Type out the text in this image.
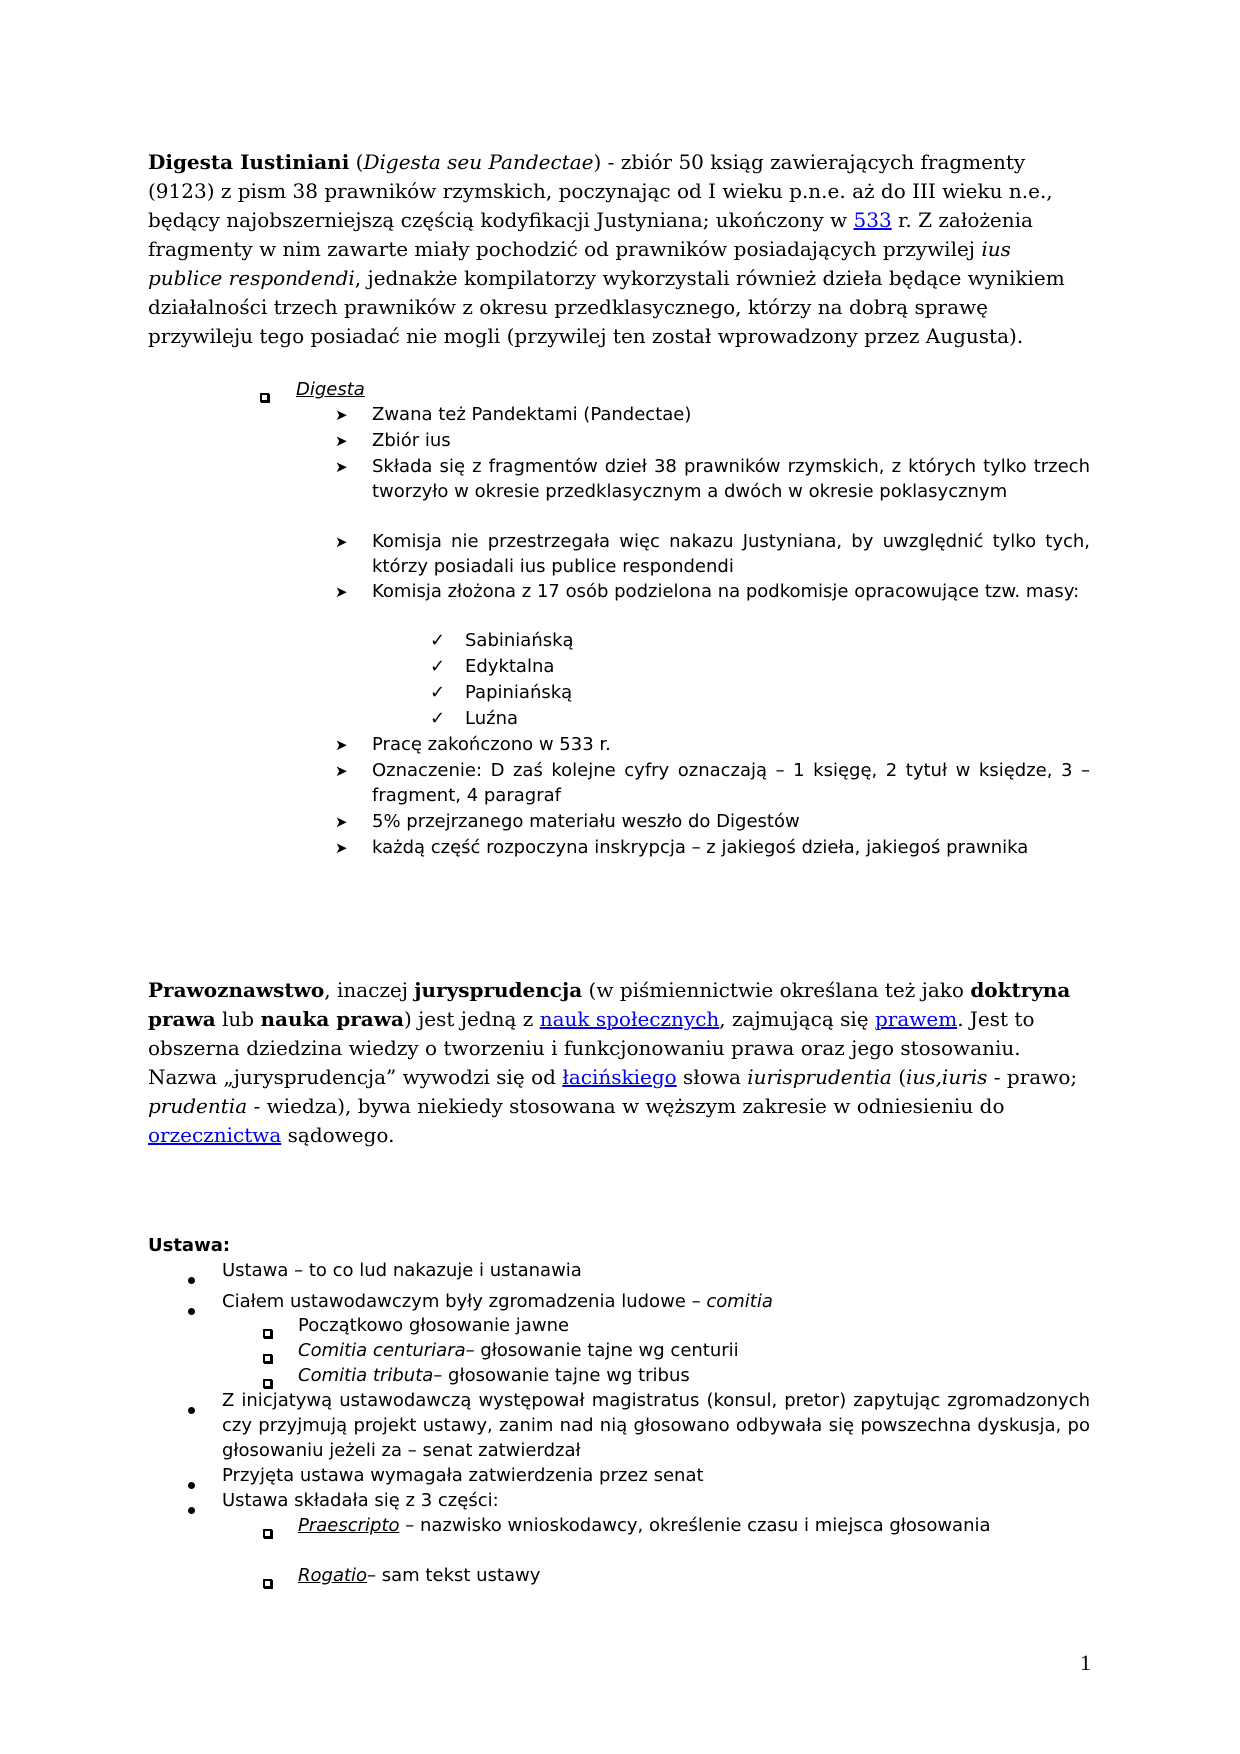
Digesta Iustiniani (Digesta seu Pandectae) - zbiór 50 ksiąg zawierających fragmenty (9123) z pism 38 prawników rzymskich, poczynając od I wieku p.n.e. aż do III wieku n.e., będący najobszerniejszą częścią kodyfikacji Justyniana; ukończony w 533 r. Z założenia fragmenty w nim zawarte miały pochodzić od prawników posiadających przywilej ius publice respondendi, jednakże kompilatorzy wykorzystali również dzieła będące wynikiem działalności trzech prawników z okresu przedklasycznego, którzy na dobrą sprawę przywileju tego posiadać nie mogli (przywilej ten został wprowadzony przez Augusta).
Digesta
➤ Zwana też Pandektami (Pandectae)
➤ Zbiór ius
➤ Składa się z fragmentów dzieł 38 prawników rzymskich, z których tylko trzech tworzyło w okresie przedklasycznym a dwóch w okresie poklasycznym
➤ Komisja nie przestrzegała więc nakazu Justyniana, by uwzględnić tylko tych, którzy posiadali ius publice respondendi
➤ Komisja złożona z 17 osób podzielona na podkomisje opracowujące tzw. masy:
✓ Sabiniańską
✓ Edyktalna
✓ Papiniańską
✓ Luźna
➤ Pracę zakończono w 533 r.
➤ Oznaczenie: D zaś kolejne cyfry oznaczają – 1 księgę, 2 tytuł w księdze, 3 – fragment, 4 paragraf
➤ 5% przejrzanego materiału weszło do Digestów
➤ każdą część rozpoczyna inskrypcja – z jakiegoś dzieła, jakiegoś prawnika
Prawoznawstwo, inaczej jurysprudencja (w piśmiennictwie określana też jako doktryna prawa lub nauka prawa) jest jedną z nauk społecznych, zajmującą się prawem. Jest to obszerna dziedzina wiedzy o tworzeniu i funkcjonowaniu prawa oraz jego stosowaniu. Nazwa „jurysprudencja” wywodzi się od łacińskiego słowa iurisprudentia (ius,iuris - prawo; prudentia - wiedza), bywa niekiedy stosowana w węższym zakresie w odniesieniu do orzecznictwa sądowego.
Ustawa:
Ustawa – to co lud nakazuje i ustanawia
Ciałem ustawodawczym były zgromadzenia ludowe –
comitia
Początkowo głosowanie jawne
Comitia centuriara – głosowanie tajne wg centurii
Comitia tributa – głosowanie tajne wg tribus
Z inicjatywą ustawodawczą występował magistratus (konsul, pretor) zapytując zgromadzonych czy przyjmują projekt ustawy, zanim nad nią głosowano odbywała się powszechna dyskusja, po głosowaniu jeżeli za – senat zatwierdzał
Przyjęta ustawa wymagała zatwierdzenia przez senat
Ustawa składała się z 3 części:
Praescripto – nazwisko wnioskodawcy, określenie czasu i miejsca głosowania
Rogatio – sam tekst ustawy
1
